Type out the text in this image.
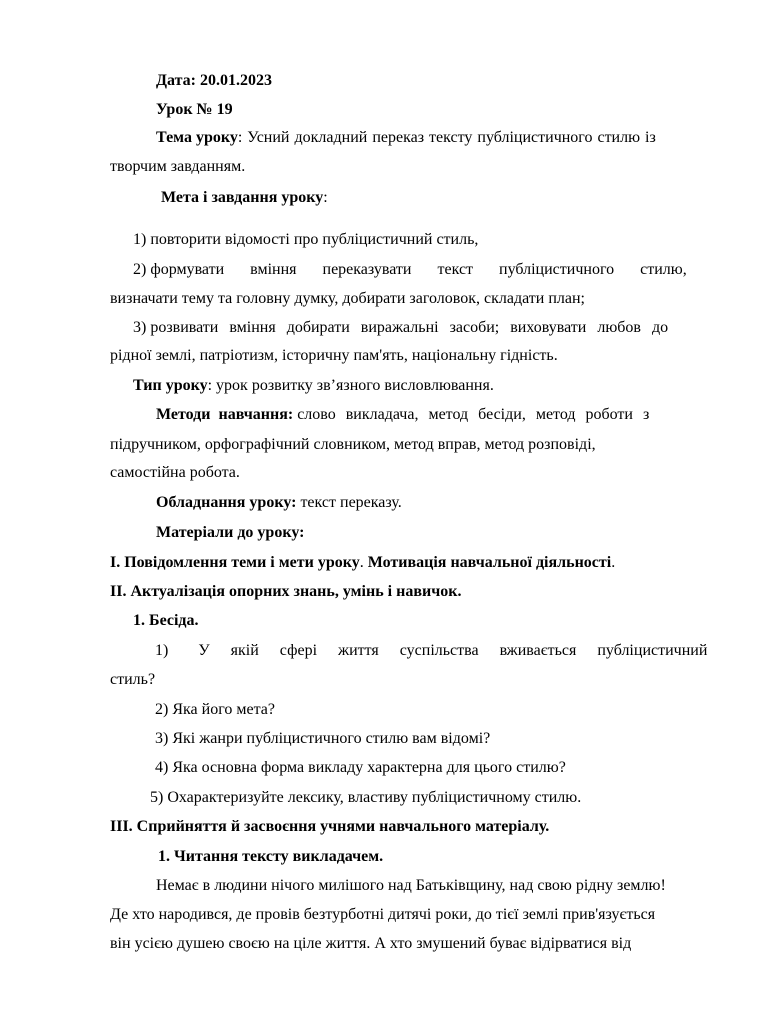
Дата: 20.01.2023
Урок № 19
Тема уроку: Усний докладний переказ тексту публіцистичного стилю із
творчим завданням.
Мета і завдання уроку:
1) повторити відомості про публіцистичний стиль,
2) формувати вміння переказувати текст публіцистичного стилю,
визначати тему та головну думку, добирати заголовок, складати план;
3) розвивати вміння добирати виражальні засоби; виховувати любов до
рідної землі, патріотизм, історичну пам'ять, національну гідність.
Тип уроку: урок розвитку зв’язного висловлювання.
Методи навчання: слово викладача, метод бесіди, метод роботи з
підручником, орфографічний словником, метод вправ, метод розповіді,
самостійна робота.
Обладнання уроку: текст переказу.
Матеріали до уроку:
I. Повідомлення теми і мети уроку. Мотивація навчальної діяльності.
II. Актуалізація опорних знань, умінь і навичок.
1. Бесіда.
1) У якій сфері життя суспільства вживається публіцистичний
стиль?
2) Яка його мета?
3) Які жанри публіцистичного стилю вам відомі?
4) Яка основна форма викладу характерна для цього стилю?
5) Охарактеризуйте лексику, властиву публіцистичному стилю.
III. Сприйняття й засвоєння учнями навчального матеріалу.
1. Читання тексту викладачем.
Немає в людини нічого милішого над Батьківщину, над свою рідну землю!
Де хто народився, де провів безтурботні дитячі роки, до тієї землі прив'язується
він усією душею своєю на ціле життя. А хто змушений буває відірватися від
